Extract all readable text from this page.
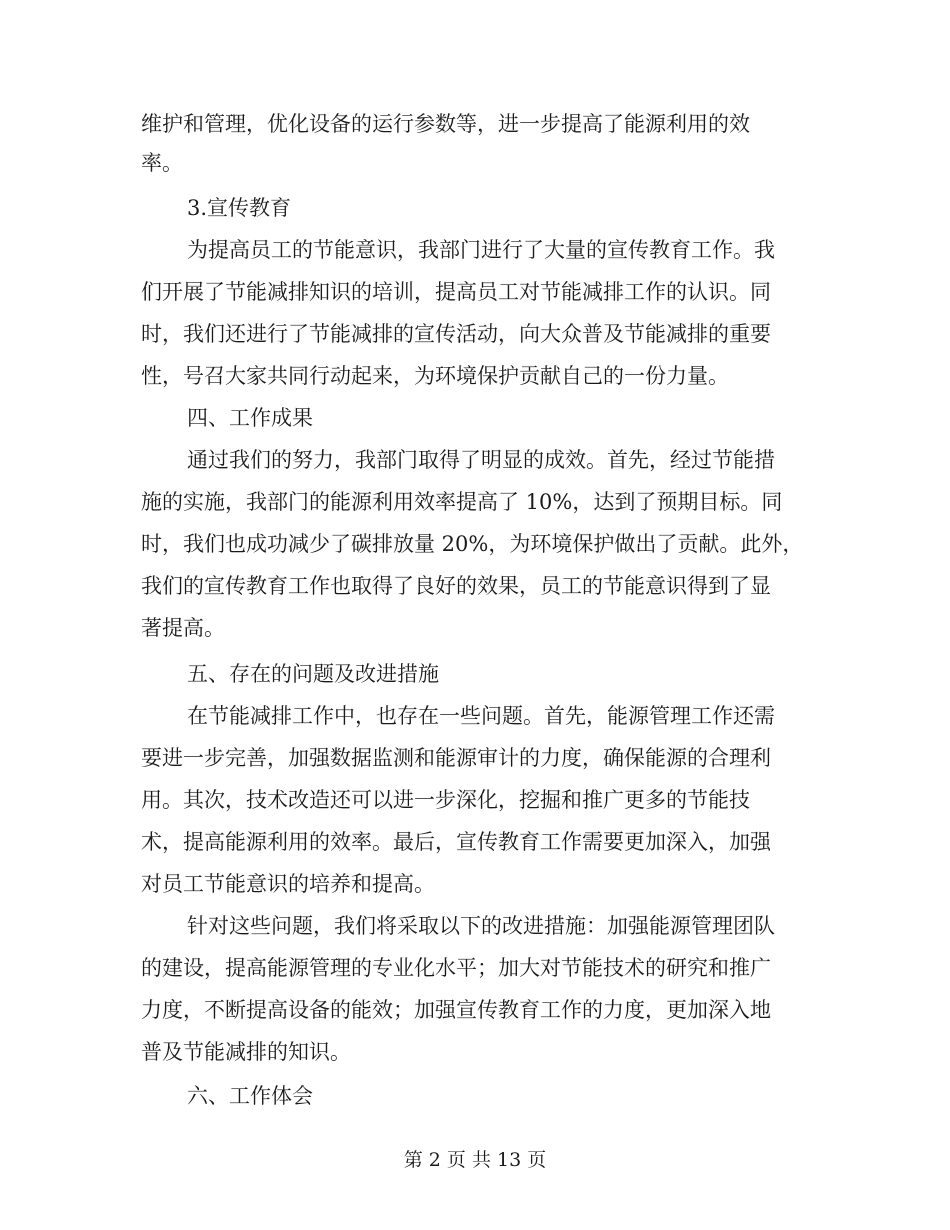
维护和管理，优化设备的运行参数等，进一步提高了能源利用的效
率。
3.宣传教育
为提高员工的节能意识，我部门进行了大量的宣传教育工作。我
们开展了节能减排知识的培训，提高员工对节能减排工作的认识。同
时，我们还进行了节能减排的宣传活动，向大众普及节能减排的重要
性，号召大家共同行动起来，为环境保护贡献自己的一份力量。
四、工作成果
通过我们的努力，我部门取得了明显的成效。首先，经过节能措
施的实施，我部门的能源利用效率提高了 10%，达到了预期目标。同
时，我们也成功减少了碳排放量 20%，为环境保护做出了贡献。此外，
我们的宣传教育工作也取得了良好的效果，员工的节能意识得到了显
著提高。
五、存在的问题及改进措施
在节能减排工作中，也存在一些问题。首先，能源管理工作还需
要进一步完善，加强数据监测和能源审计的力度，确保能源的合理利
用。其次，技术改造还可以进一步深化，挖掘和推广更多的节能技
术，提高能源利用的效率。最后，宣传教育工作需要更加深入，加强
对员工节能意识的培养和提高。
针对这些问题，我们将采取以下的改进措施：加强能源管理团队
的建设，提高能源管理的专业化水平；加大对节能技术的研究和推广
力度，不断提高设备的能效；加强宣传教育工作的力度，更加深入地
普及节能减排的知识。
六、工作体会
第 2 页 共 13 页
